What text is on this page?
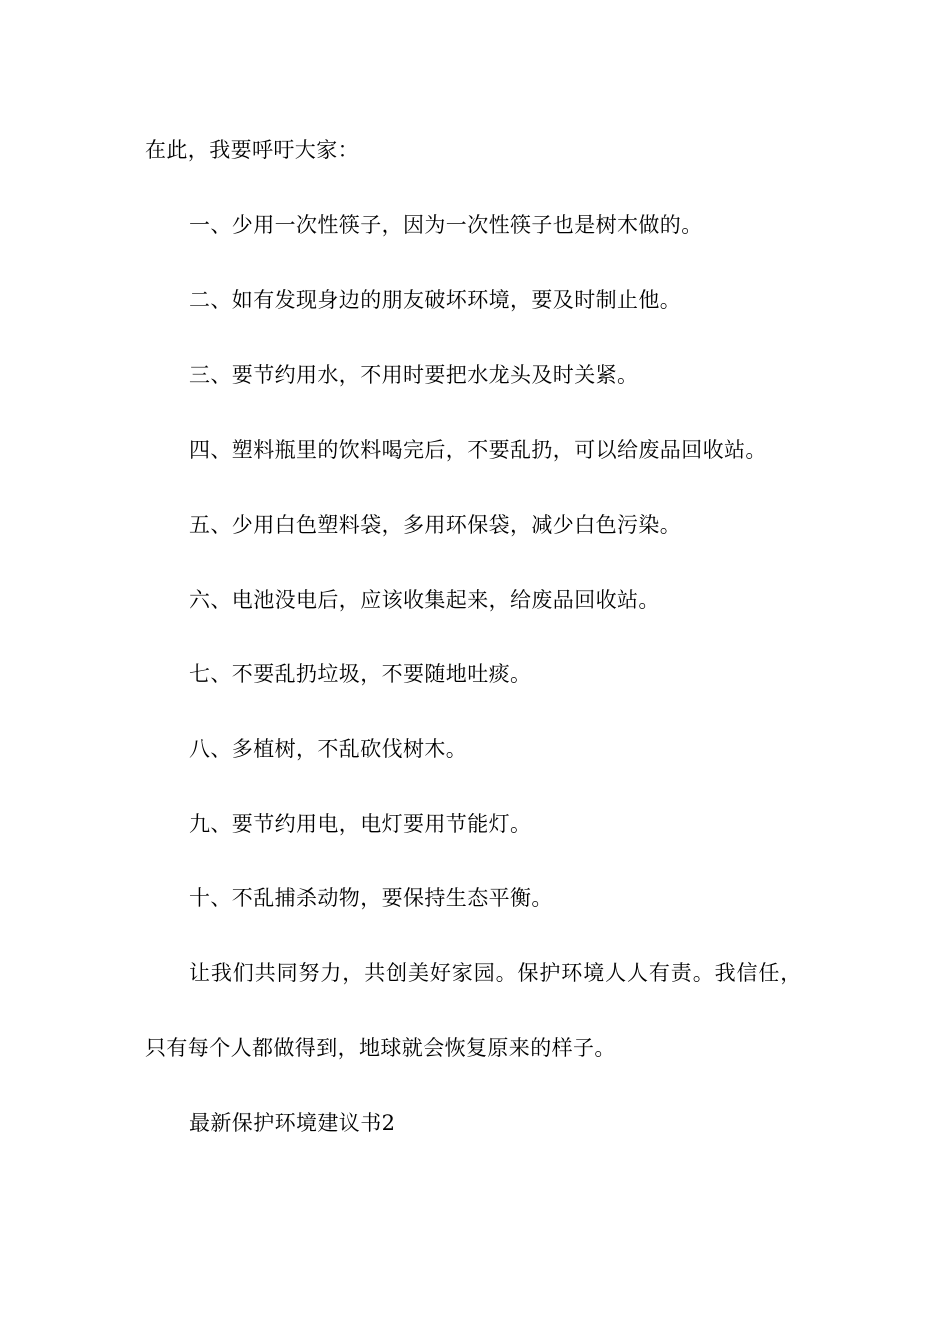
在此，我要呼吁大家：
一、少用一次性筷子，因为一次性筷子也是树木做的。
二、如有发现身边的朋友破坏环境，要及时制止他。
三、要节约用水，不用时要把水龙头及时关紧。
四、塑料瓶里的饮料喝完后，不要乱扔，可以给废品回收站。
五、少用白色塑料袋，多用环保袋，减少白色污染。
六、电池没电后，应该收集起来，给废品回收站。
七、不要乱扔垃圾，不要随地吐痰。
八、多植树，不乱砍伐树木。
九、要节约用电，电灯要用节能灯。
十、不乱捕杀动物，要保持生态平衡。
让我们共同努力，共创美好家园。保护环境人人有责。我信任，
只有每个人都做得到，地球就会恢复原来的样子。
最新保护环境建议书2
